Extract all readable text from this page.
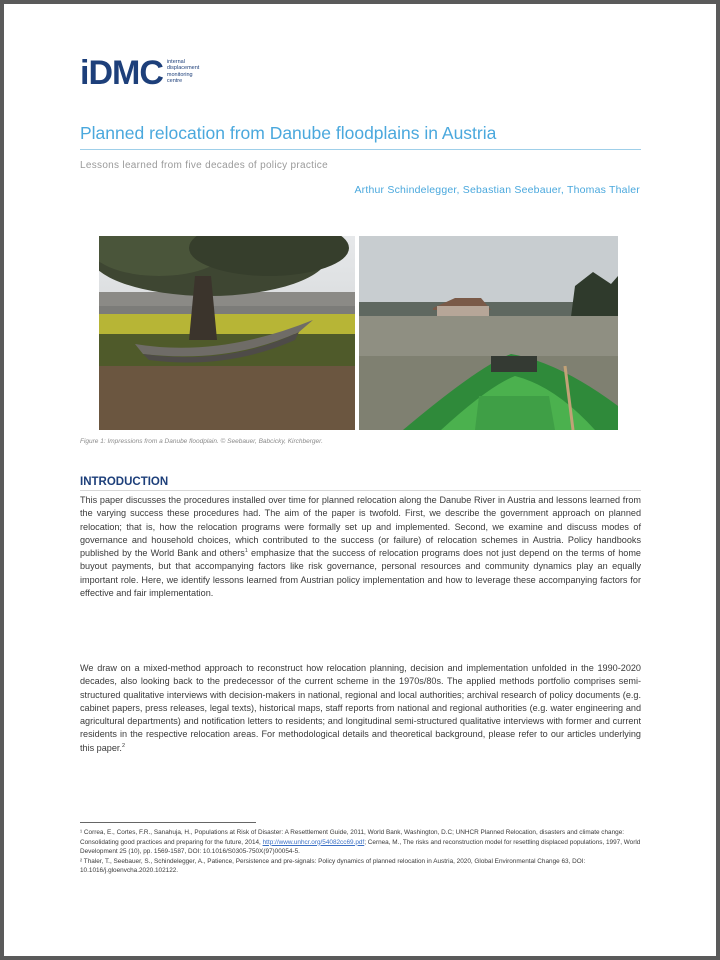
iDMC internal
displacement
monitoring
centre
Planned relocation from Danube floodplains in Austria
Lessons learned from five decades of policy practice
Arthur Schindelegger, Sebastian Seebauer, Thomas Thaler
Figure 1: Impressions from a Danube floodplain. © Seebauer, Babcicky, Kirchberger.
INTRODUCTION

This paper discusses the procedures installed over time for planned relocation along the Danube River in Austria and lessons learned from the varying success these procedures had. The aim of the paper is twofold. First, we describe the government approach on planned relocation; that is, how the relocation programs were formally set up and implemented. Second, we examine and discuss modes of governance and household choices, which contributed to the success (or failure) of relocation schemes in Austria. Policy handbooks published by the World Bank and others$^1$ emphasize that the success of relocation programs does not just depend on the terms of home buyout payments, but that accompanying factors like risk governance, personal resources and community dynamics play an equally important role. Here, we identify lessons learned from Austrian policy implementation and how to leverage these accompanying factors for effective and fair implementation.

We draw on a mixed-method approach to reconstruct how relocation planning, decision and implementation unfolded in the 1990-2020 decades, also looking back to the predecessor of the current scheme in the 1970s/80s. The applied methods portfolio comprises semi-structured qualitative interviews with decision-makers in national, regional and local authorities; archival research of policy documents (e.g. cabinet papers, press releases, legal texts), historical maps, staff reports from national and regional authorities (e.g. water engineering and agricultural departments) and notification letters to residents; and longitudinal semi-structured qualitative interviews with former and current residents in the respective relocation areas. For methodological details and theoretical background, please refer to our articles underlying this paper.$^2$

¹ Correa, E., Cortes, F.R., Sanahuja, H., Populations at Risk of Disaster: A Resettlement Guide, 2011, World Bank, Washington, D.C; UNHCR Planned Relocation, disasters and climate change: Consolidating good practices and preparing for the future, 2014, http://www.unhcr.org/54082cc69.pdf; Cernea, M., The risks and reconstruction model for resettling displaced populations, 1997, World Development 25 (10), pp. 1569-1587, DOI: 10.1016/S0305-750X(97)00054-5.

² Thaler, T., Seebauer, S., Schindelegger, A., Patience, Persistence and pre-signals: Policy dynamics of planned relocation in Austria, 2020, Global Environmental Change 63, DOI: 10.1016/j.gloenvcha.2020.102122.
